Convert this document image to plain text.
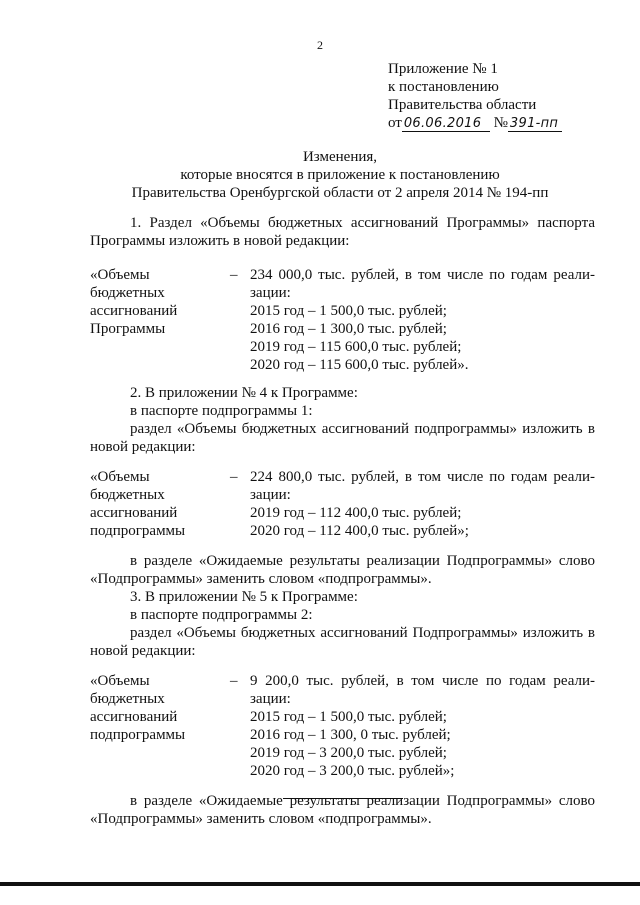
2
Приложение № 1
к постановлению
Правительства области
от 06.06.2016 № 391-пп
Изменения,
которые вносятся в приложение к постановлению
Правительства Оренбургской области от 2 апреля 2014 № 194-пп

1. Раздел «Объемы бюджетных ассигнований Программы» паспорта Программы изложить в новой редакции:

«Объемы
бюджетных
ассигнований
Программы
– 234 000,0 тыс. рублей, в том числе по годам реали-
зации:
2015 год – 1 500,0 тыс. рублей;
2016 год – 1 300,0 тыс. рублей;
2019 год – 115 600,0 тыс. рублей;
2020 год – 115 600,0 тыс. рублей».

2. В приложении № 4 к Программе:

в паспорте подпрограммы 1:

раздел «Объемы бюджетных ассигнований подпрограммы» изложить в новой редакции:

«Объемы
бюджетных
ассигнований
подпрограммы
– 224 800,0 тыс. рублей, в том числе по годам реали-
зации:
2019 год – 112 400,0 тыс. рублей;
2020 год – 112 400,0 тыс. рублей»;

в разделе «Ожидаемые результаты реализации Подпрограммы» слово «Подпрограммы» заменить словом «подпрограммы».

3. В приложении № 5 к Программе:

в паспорте подпрограммы 2:

раздел «Объемы бюджетных ассигнований Подпрограммы» изложить в новой редакции:

«Объемы
бюджетных
ассигнований
подпрограммы
– 9 200,0 тыс. рублей, в том числе по годам реали-
зации:
2015 год – 1 500,0 тыс. рублей;
2016 год – 1 300, 0 тыс. рублей;
2019 год – 3 200,0 тыс. рублей;
2020 год – 3 200,0 тыс. рублей»;

в разделе «Ожидаемые результаты реализации Подпрограммы» слово «Подпрограммы» заменить словом «подпрограммы».
